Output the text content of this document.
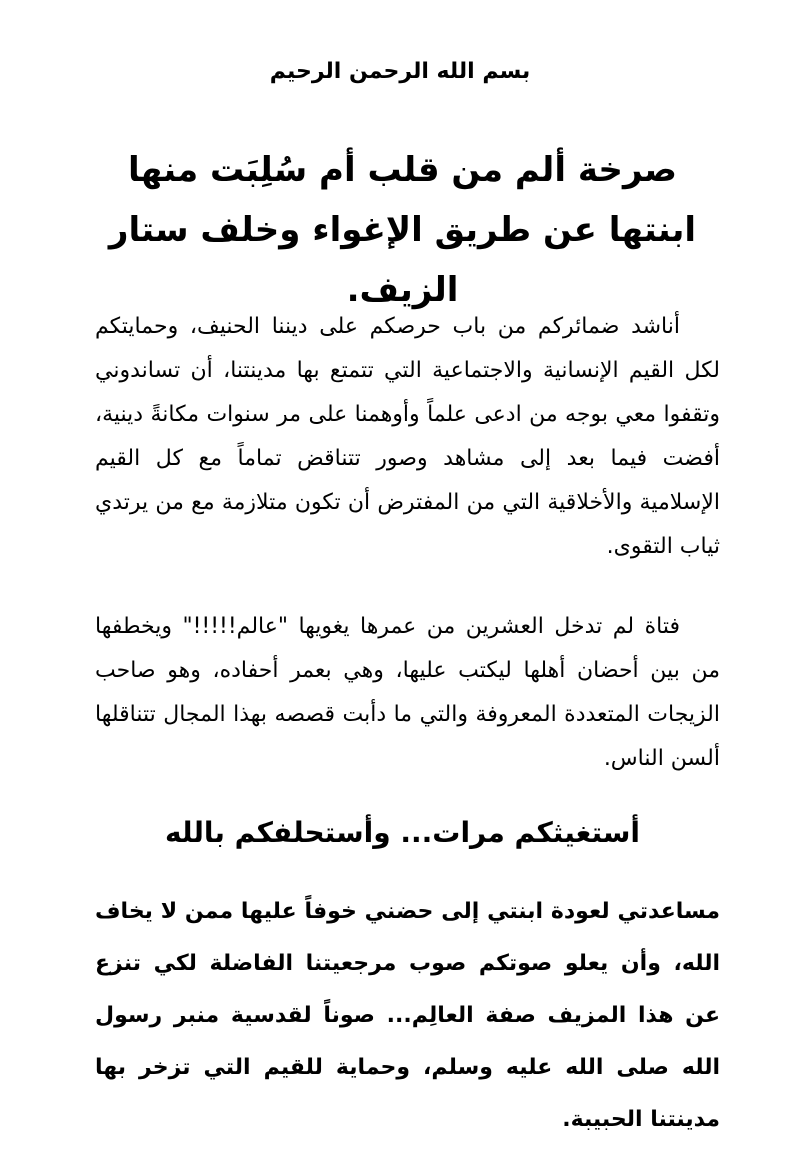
بسم الله الرحمن الرحيم
صرخة ألم من قلب أم سُلِبَت منها ابنتها عن طريق الإغواء وخلف ستار الزيف.

أناشد ضمائركم من باب حرصكم على ديننا الحنيف، وحمايتكم لكل القيم الإنسانية والاجتماعية التي تتمتع بها مدينتنا، أن تساندوني وتقفوا معي بوجه من ادعى علماً وأوهمنا على مر سنوات مكانةً دينية، أفضت فيما بعد إلى مشاهد وصور تتناقض تماماً مع كل القيم الإسلامية والأخلاقية التي من المفترض أن تكون متلازمة مع من يرتدي ثياب التقوى.

فتاة لم تدخل العشرين من عمرها يغويها "عالم!!!!!" ويخطفها من بين أحضان أهلها ليكتب عليها، وهي بعمر أحفاده، وهو صاحب الزيجات المتعددة المعروفة والتي ما دأبت قصصه بهذا المجال تتناقلها ألسن الناس.

أستغيثكم مرات... وأستحلفكم بالله

مساعدتي لعودة ابنتي إلى حضني خوفاً عليها ممن لا يخاف الله، وأن يعلو صوتكم صوب مرجعيتنا الفاضلة لكي تنزع عن هذا المزيف صفة العالِم... صوناً لقدسية منبر رسول الله صلى الله عليه وسلم، وحماية للقيم التي تزخر بها مدينتنا الحبيبة.
